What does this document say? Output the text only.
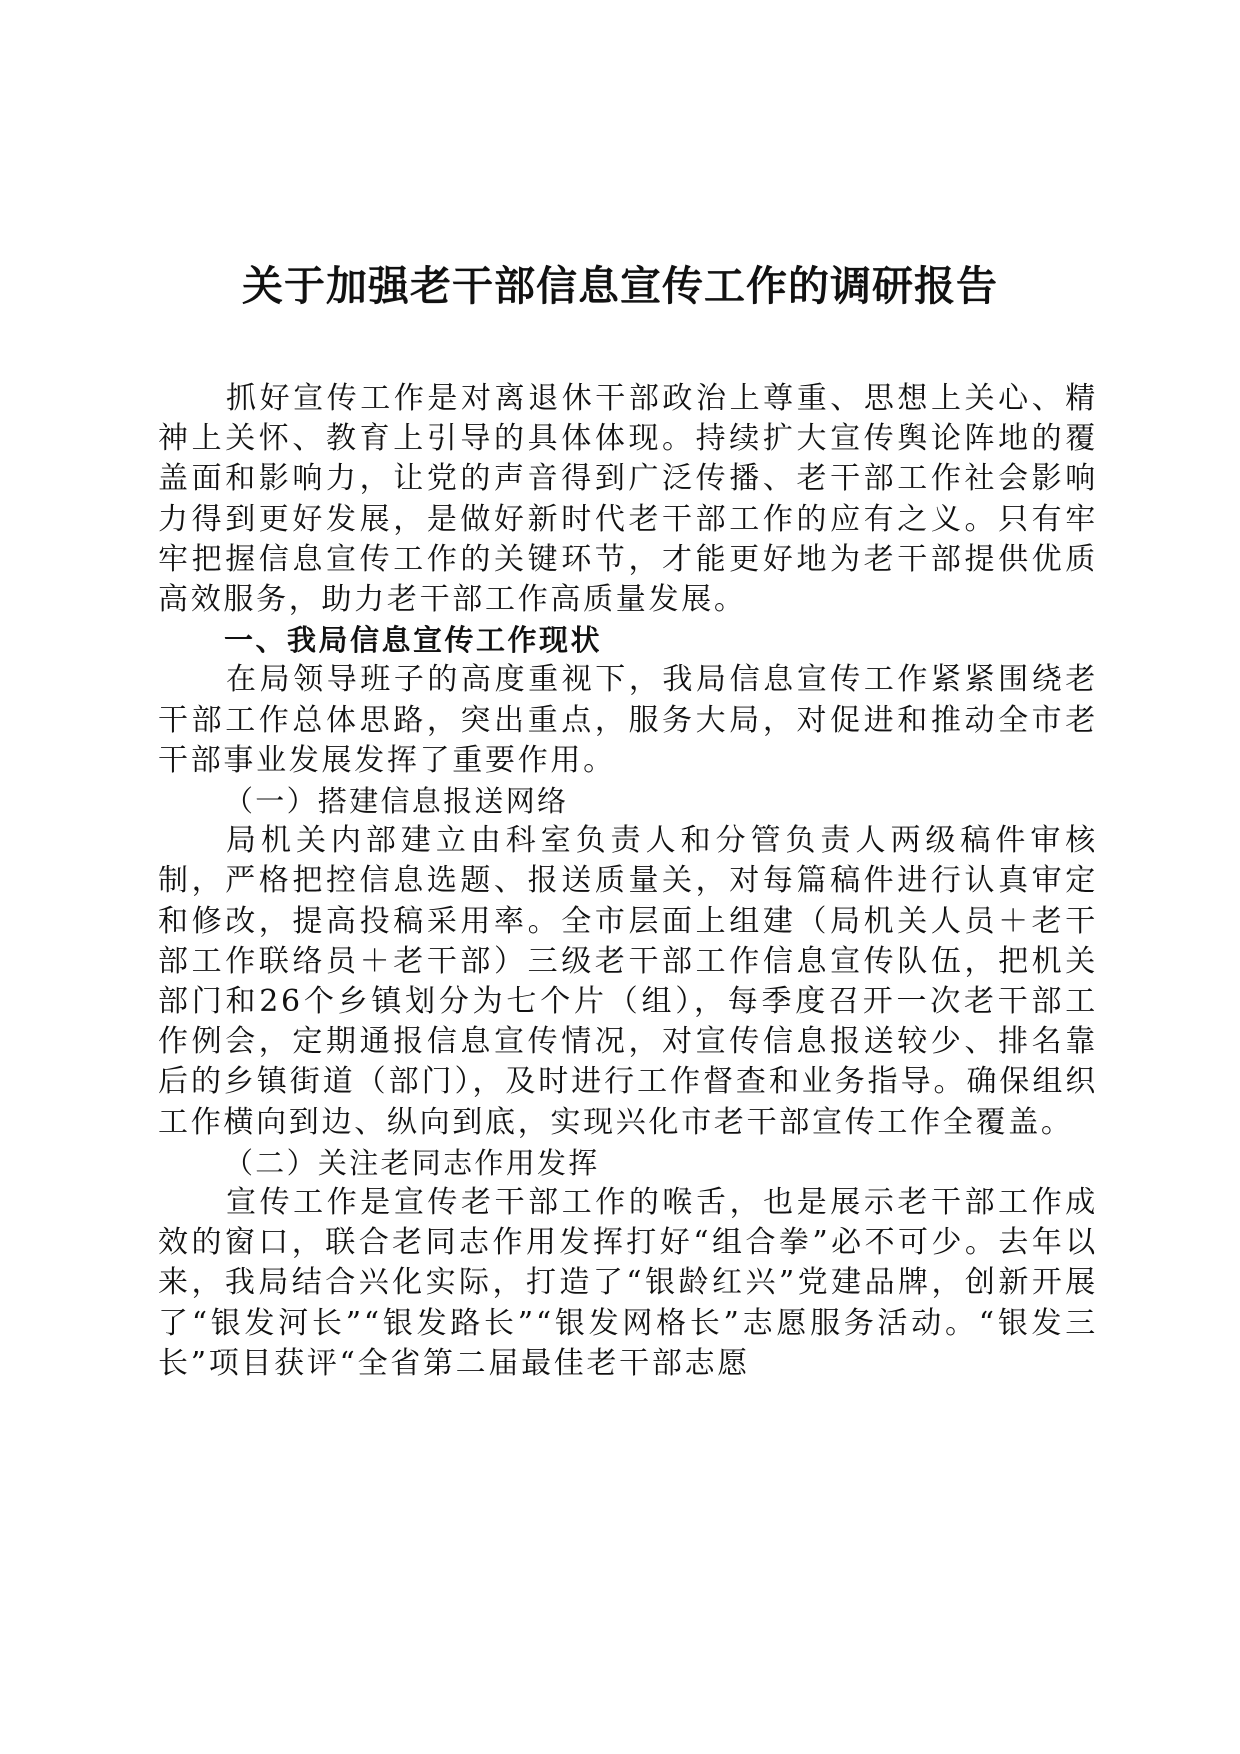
关于加强老干部信息宣传工作的调研报告

抓好宣传工作是对离退休干部政治上尊重、思想上关心、精神上关怀、教育上引导的具体体现。持续扩大宣传舆论阵地的覆盖面和影响力，让党的声音得到广泛传播、老干部工作社会影响力得到更好发展，是做好新时代老干部工作的应有之义。只有牢牢把握信息宣传工作的关键环节，才能更好地为老干部提供优质高效服务，助力老干部工作高质量发展。

一、我局信息宣传工作现状

在局领导班子的高度重视下，我局信息宣传工作紧紧围绕老干部工作总体思路，突出重点，服务大局，对促进和推动全市老干部事业发展发挥了重要作用。

（一）搭建信息报送网络

局机关内部建立由科室负责人和分管负责人两级稿件审核制，严格把控信息选题、报送质量关，对每篇稿件进行认真审定和修改，提高投稿采用率。全市层面上组建（局机关人员＋老干部工作联络员＋老干部）三级老干部工作信息宣传队伍，把机关部门和26个乡镇划分为七个片（组），每季度召开一次老干部工作例会，定期通报信息宣传情况，对宣传信息报送较少、排名靠后的乡镇街道（部门），及时进行工作督查和业务指导。确保组织工作横向到边、纵向到底，实现兴化市老干部宣传工作全覆盖。

（二）关注老同志作用发挥

宣传工作是宣传老干部工作的喉舌，也是展示老干部工作成效的窗口，联合老同志作用发挥打好“组合拳”必不可少。去年以来，我局结合兴化实际，打造了“银龄红兴”党建品牌，创新开展了“银发河长”“银发路长”“银发网格长”志愿服务活动。“银发三长”项目获评“全省第二届最佳老干部志愿
